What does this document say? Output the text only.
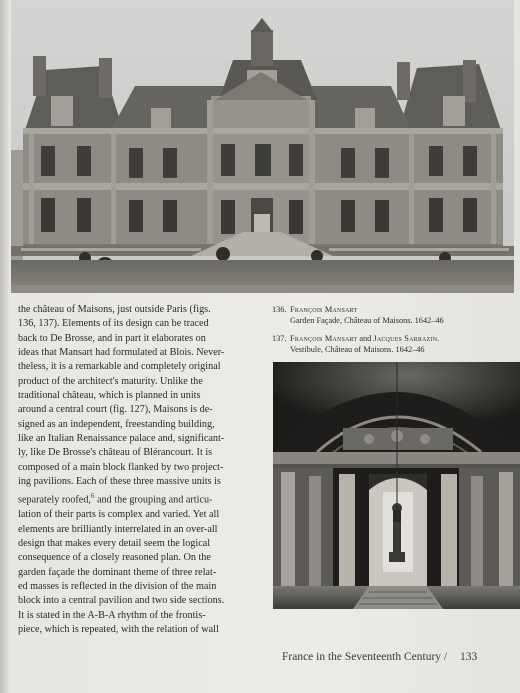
the château of Maisons, just outside Paris (figs.

136, 137). Elements of its design can be traced

back to De Brosse, and in part it elaborates on

ideas that Mansart had formulated at Blois. Never-

theless, it is a remarkable and completely original

product of the architect's maturity. Unlike the

traditional château, which is planned in units

around a central court (fig. 127), Maisons is de-

signed as an independent, freestanding building,

like an Italian Renaissance palace and, significant-

ly, like De Brosse's château of Blérancourt. It is

composed of a main block flanked by two project-

ing pavilions. Each of these three massive units is

separately roofed,$^6$ and the grouping and articu-

lation of their parts is complex and varied. Yet all

elements are brilliantly interrelated in an over-all

design that makes every detail seem the logical

consequence of a closely reasoned plan. On the

garden façade the dominant theme of three relat-

ed masses is reflected in the division of the main

block into a central pavilion and two side sections.

It is stated in the A-B-A rhythm of the frontis-

piece, which is repeated, with the relation of wall

136. François Mansart
Garden Façade, Château of Maisons. 1642–46
137. François Mansart and Jacques Sarrazin.
Vestibule, Château of Maisons. 1642–46
France in the Seventeenth Century / 133
